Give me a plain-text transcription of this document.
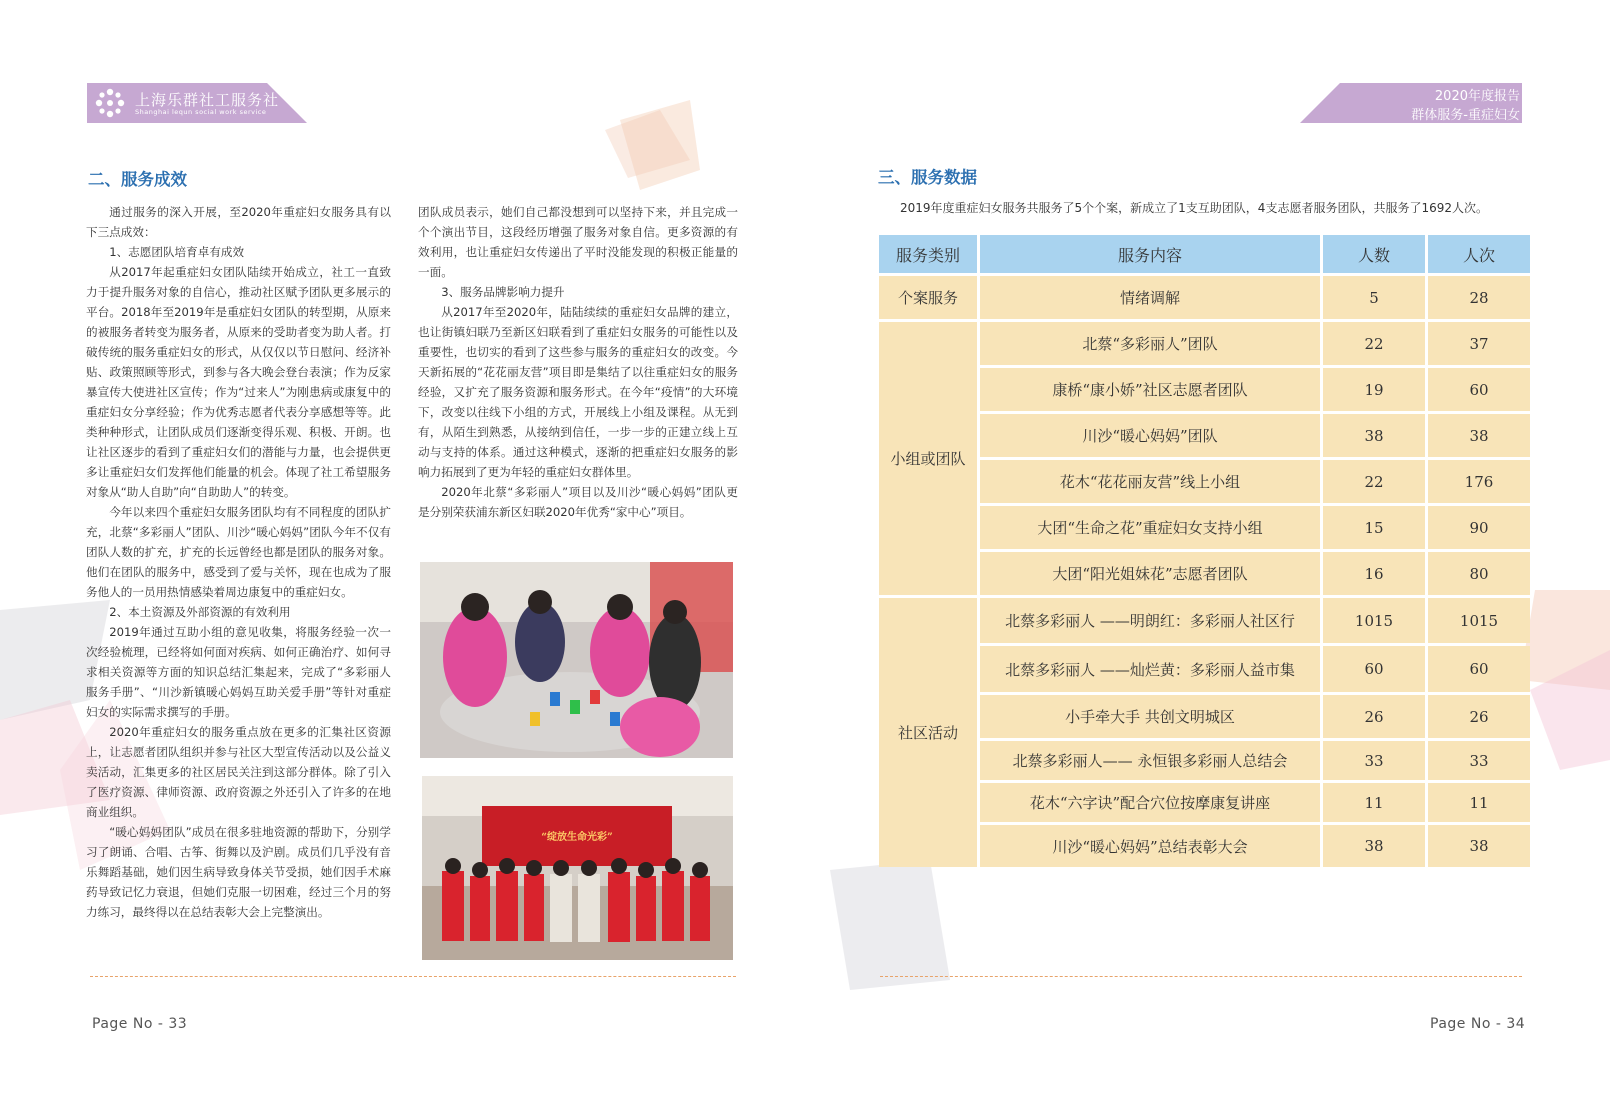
上海乐群社工服务社
Shanghai lequn social work service
2020年度报告
群体服务-重症妇女
二、服务成效

通过服务的深入开展，至2020年重症妇女服务具有以下三点成效：

1、志愿团队培育卓有成效

从2017年起重症妇女团队陆续开始成立，社工一直致力于提升服务对象的自信心，推动社区赋予团队更多展示的平台。2018年至2019年是重症妇女团队的转型期，从原来的被服务者转变为服务者，从原来的受助者变为助人者。打破传统的服务重症妇女的形式，从仅仅以节日慰问、经济补贴、政策照顾等形式，到参与各大晚会登台表演；作为反家暴宣传大使进社区宣传；作为“过来人”为刚患病或康复中的重症妇女分享经验；作为优秀志愿者代表分享感想等等。此类种种形式，让团队成员们逐渐变得乐观、积极、开朗。也让社区逐步的看到了重症妇女们的潜能与力量，也会提供更多让重症妇女们发挥他们能量的机会。体现了社工希望服务对象从“助人自助”向“自助助人”的转变。

今年以来四个重症妇女服务团队均有不同程度的团队扩充，北蔡“多彩丽人”团队、川沙“暖心妈妈”团队今年不仅有团队人数的扩充，扩充的长远曾经也都是团队的服务对象。他们在团队的服务中，感受到了爱与关怀，现在也成为了服务他人的一员用热情感染着周边康复中的重症妇女。

2、本土资源及外部资源的有效利用

2019年通过互助小组的意见收集，将服务经验一次一次经验梳理，已经将如何面对疾病、如何正确治疗、如何寻求相关资源等方面的知识总结汇集起来，完成了“多彩丽人服务手册”、“川沙新镇暖心妈妈互助关爱手册”等针对重症妇女的实际需求撰写的手册。

2020年重症妇女的服务重点放在更多的汇集社区资源上，让志愿者团队组织并参与社区大型宣传活动以及公益义卖活动，汇集更多的社区居民关注到这部分群体。除了引入了医疗资源、律师资源、政府资源之外还引入了许多的在地商业组织。

“暖心妈妈团队”成员在很多驻地资源的帮助下，分别学习了朗诵、合唱、古筝、街舞以及沪剧。成员们几乎没有音乐舞蹈基础，她们因生病导致身体关节受损，她们因手术麻药导致记忆力衰退，但她们克服一切困难，经过三个月的努力练习，最终得以在总结表彰大会上完整演出。

团队成员表示，她们自己都没想到可以坚持下来，并且完成一个个演出节目，这段经历增强了服务对象自信。更多资源的有效利用，也让重症妇女传递出了平时没能发现的积极正能量的一面。

3、服务品牌影响力提升

从2017年至2020年，陆陆续续的重症妇女品牌的建立，也让街镇妇联乃至新区妇联看到了重症妇女服务的可能性以及重要性，也切实的看到了这些参与服务的重症妇女的改变。今天新拓展的“花花丽友营”项目即是集结了以往重症妇女的服务经验，又扩充了服务资源和服务形式。在今年“疫情”的大环境下，改变以往线下小组的方式，开展线上小组及课程。从无到有，从陌生到熟悉，从接纳到信任，一步一步的正建立线上互动与支持的体系。通过这种模式，逐渐的把重症妇女服务的影响力拓展到了更为年轻的重症妇女群体里。

2020年北蔡“多彩丽人”项目以及川沙“暖心妈妈”团队更是分别荣获浦东新区妇联2020年优秀“家中心”项目。

“绽放生命光彩”
Page No - 33
三、服务数据
2019年度重症妇女服务共服务了5个个案，新成立了1支互助团队，4支志愿者服务团队，共服务了1692人次。
服务类别	服务内容	人数	人次
个案服务	情绪调解	5	28
小组或团队	北蔡“多彩丽人”团队	22	37
	康桥“康小娇”社区志愿者团队	19	60
	川沙“暖心妈妈”团队	38	38
	花木“花花丽友营”线上小组	22	176
	大团“生命之花”重症妇女支持小组	15	90
	大团“阳光姐妹花”志愿者团队	16	80
社区活动	北蔡多彩丽人 ——明朗红：多彩丽人社区行	1015	1015
	北蔡多彩丽人 ——灿烂黄：多彩丽人益市集	60	60
	小手牵大手 共创文明城区	26	26
	北蔡多彩丽人—— 永恒银多彩丽人总结会	33	33
	花木“六字诀”配合穴位按摩康复讲座	11	11
	川沙“暖心妈妈”总结表彰大会	38	38
Page No - 34
